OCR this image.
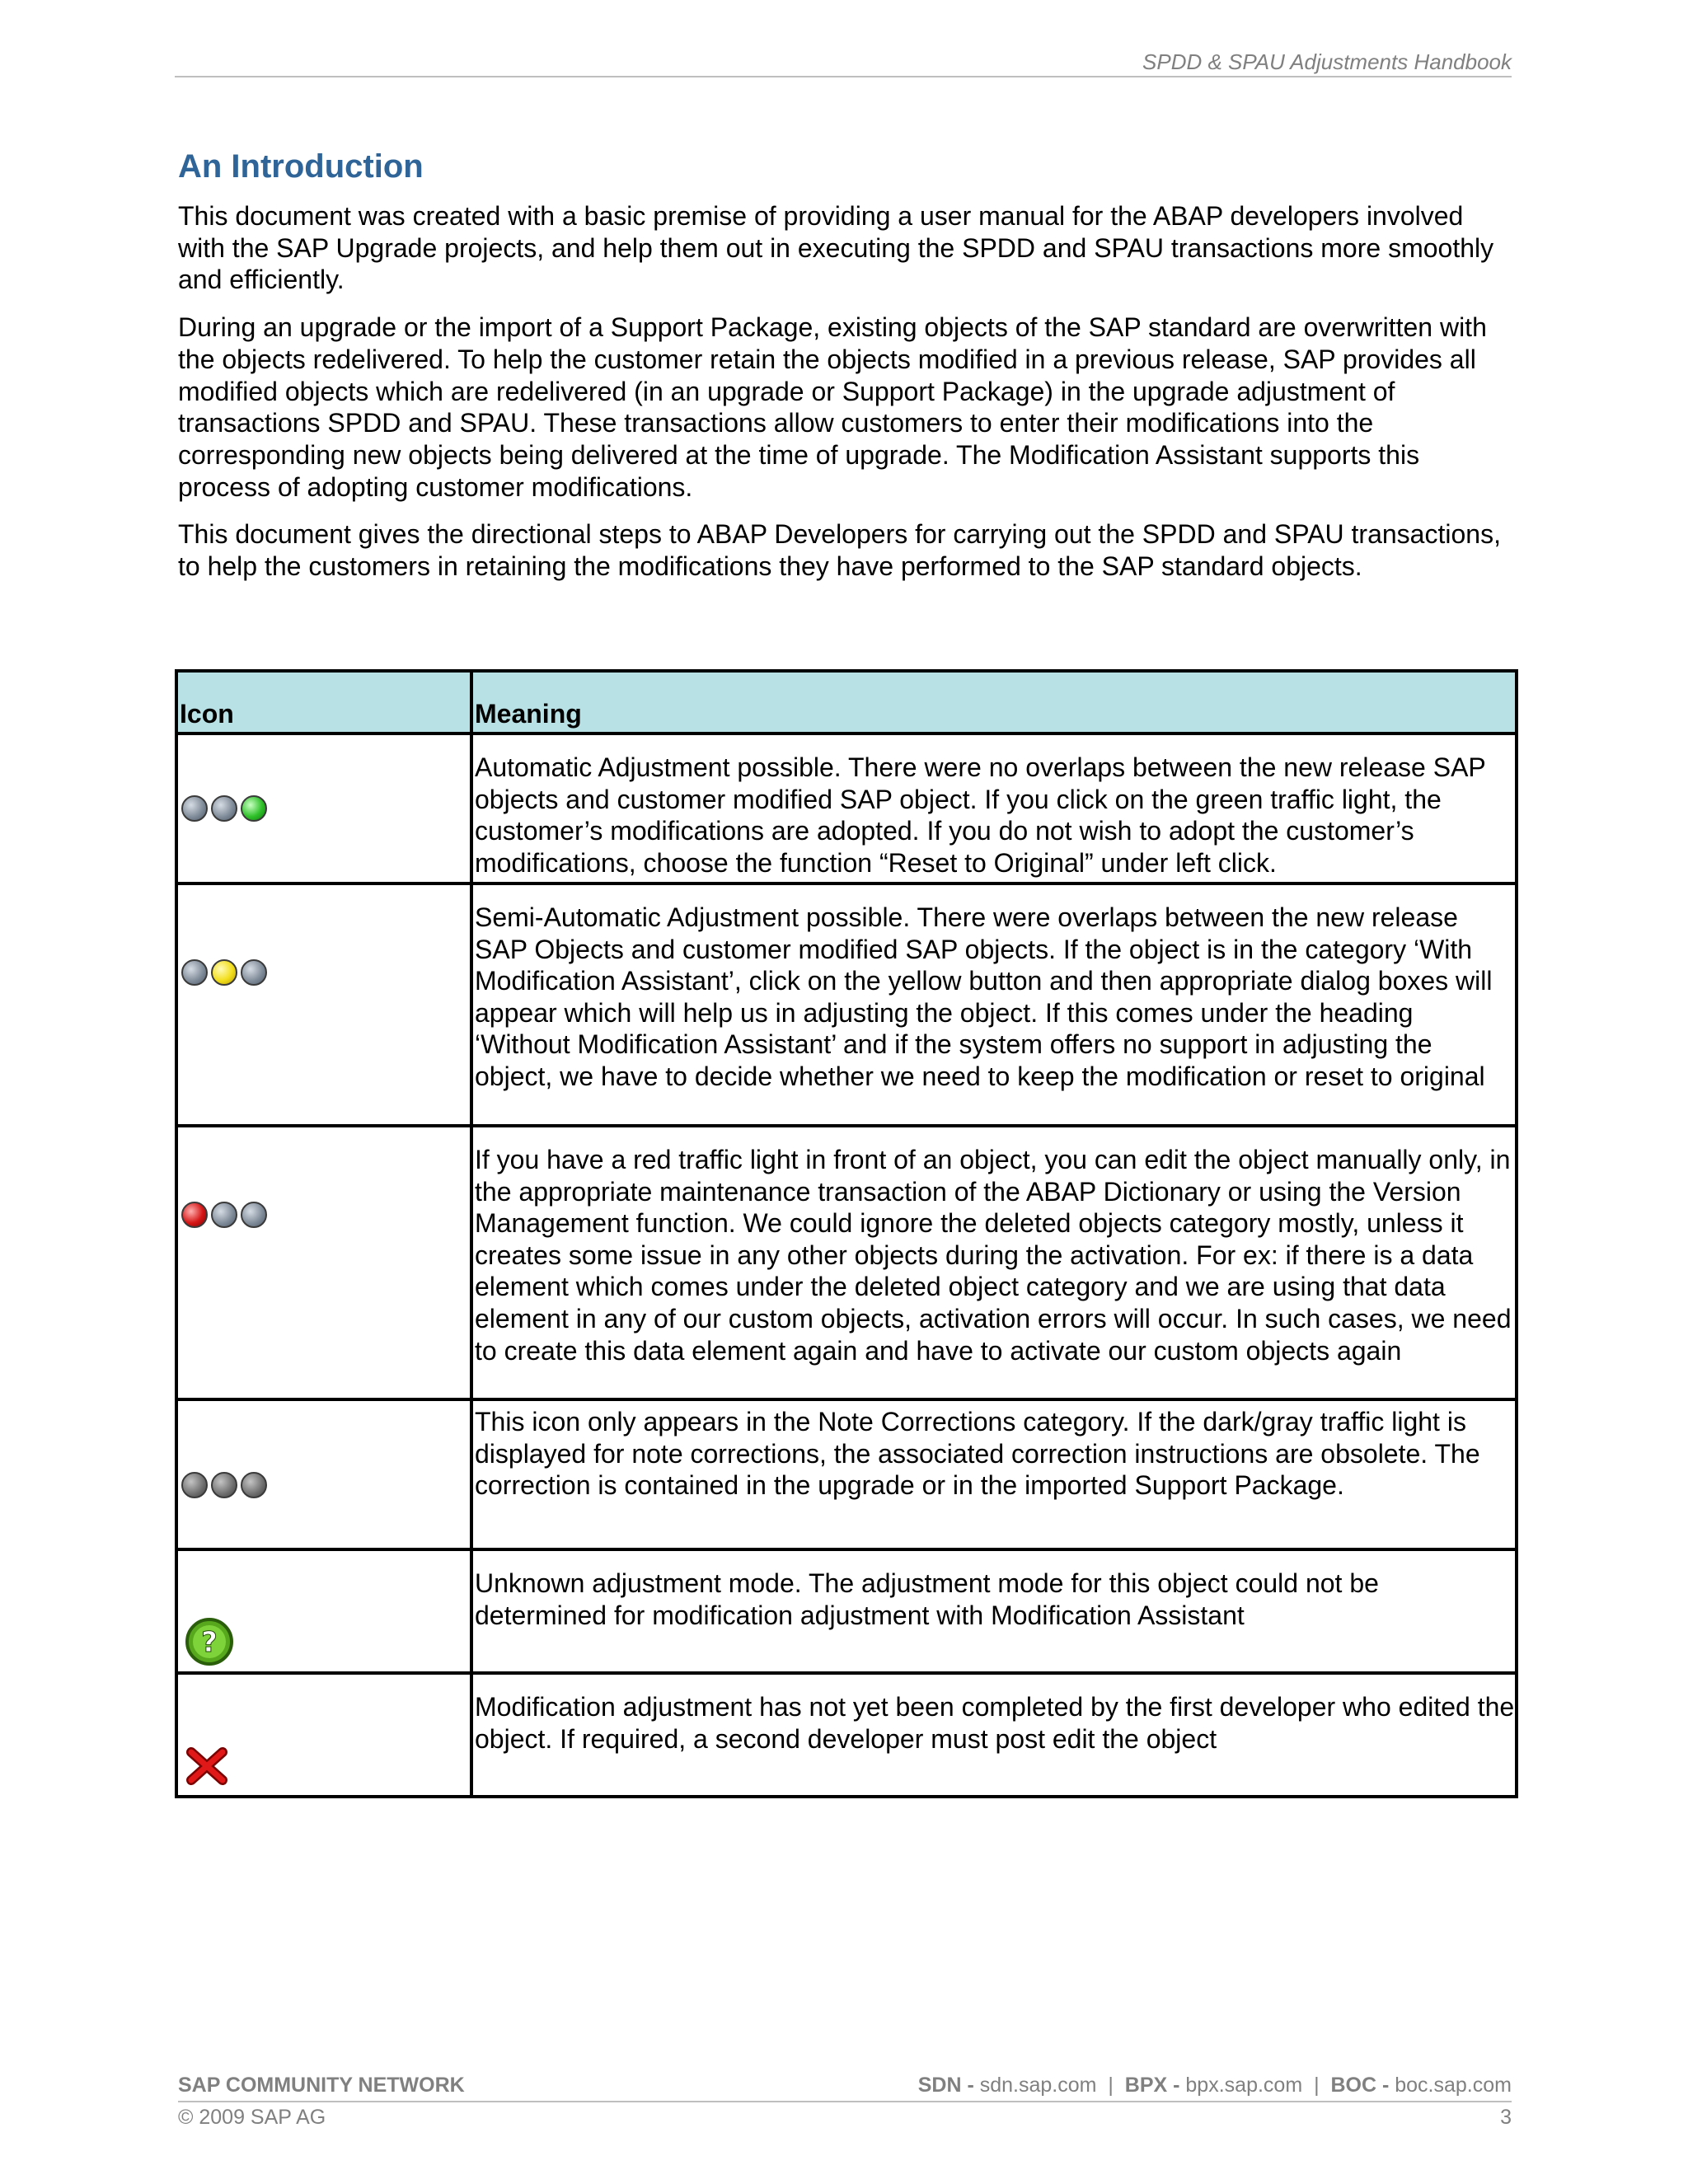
SPDD & SPAU Adjustments Handbook
An Introduction

This document was created with a basic premise of providing a user manual for the ABAP developers involved with the SAP Upgrade projects, and help them out in executing the SPDD and SPAU transactions more smoothly and efficiently.

During an upgrade or the import of a Support Package, existing objects of the SAP standard are overwritten with the objects redelivered. To help the customer retain the objects modified in a previous release, SAP provides all modified objects which are redelivered (in an upgrade or Support Package) in the upgrade adjustment of transactions SPDD and SPAU. These transactions allow customers to enter their modifications into the corresponding new objects being delivered at the time of upgrade. The Modification Assistant supports this process of adopting customer modifications.

This document gives the directional steps to ABAP Developers for carrying out the SPDD and SPAU transactions, to help the customers in retaining the modifications they have performed to the SAP standard objects.

Icon	Meaning

	Automatic Adjustment possible. There were no overlaps between the new release SAP objects and customer modified SAP object. If you click on the green traffic light, the customer’s modifications are adopted. If you do not wish to adopt the customer’s modifications, choose the function “Reset to Original” under left click.

	Semi-Automatic Adjustment possible. There were overlaps between the new release SAP Objects and customer modified SAP objects. If the object is in the category ‘With Modification Assistant’, click on the yellow button and then appropriate dialog boxes will appear which will help us in adjusting the object. If this comes under the heading ‘Without Modification Assistant’ and if the system offers no support in adjusting the object, we have to decide whether we need to keep the modification or reset to original

	If you have a red traffic light in front of an object, you can edit the object manually only, in the appropriate maintenance transaction of the ABAP Dictionary or using the Version Management function. We could ignore the deleted objects category mostly, unless it creates some issue in any other objects during the activation. For ex: if there is a data element which comes under the deleted object category and we are using that data element in any of our custom objects, activation errors will occur. In such cases, we need to create this data element again and have to activate our custom objects again

	This icon only appears in the Note Corrections category. If the dark/gray traffic light is displayed for note corrections, the associated correction instructions are obsolete. The correction is contained in the upgrade or in the imported Support Package.

?	Unknown adjustment mode. The adjustment mode for this object could not be determined for modification adjustment with Modification Assistant

	Modification adjustment has not yet been completed by the first developer who edited the object. If required, a second developer must post edit the object
SAP COMMUNITY NETWORK	SDN - sdn.sap.com | BPX - bpx.sap.com | BOC - boc.sap.com
© 2009 SAP AG	3
